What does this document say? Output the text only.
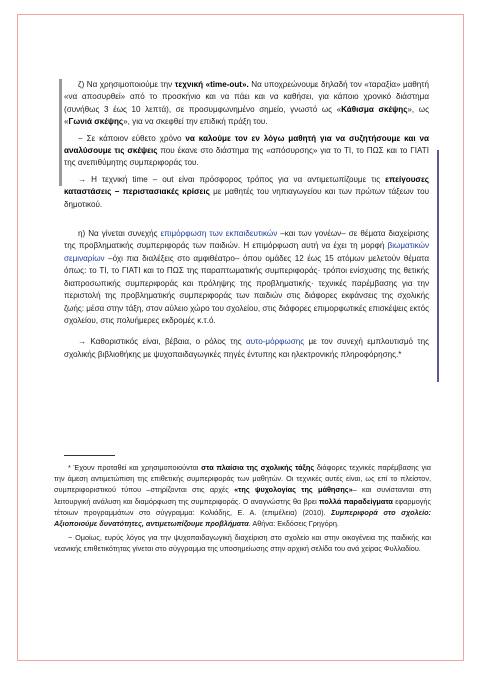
ζ) Να χρησιμοποιούμε την τεχνική «time-out». Να υποχρεώνουμε δηλαδή τον «ταραξία» μαθητή «να αποσυρθεί» από το προσκήνιο και να πάει και να καθήσει, για κάποιο χρονικό διάστημα (συνήθως 3 έως 10 λεπτά), σε προσυμφωνημένο σημείο, γνωστό ως «Κάθισμα σκέψης», ως «Γωνιά σκέψης», για να σκεφθεί την επιδική πράξη του.

− Σε κάποιον εύθετο χρόνο να καλούμε τον εν λόγω μαθητή για να συζητήσουμε και να αναλύσουμε τις σκέψεις που έκανε στο διάστημα της «απόσυρσης» για το ΤΙ, το ΠΩΣ και το ΓΙΑΤΙ της ανεπιθύμητης συμπεριφοράς του.

→ Η τεχνική time – out είναι πρόσφορος τρόπος για να αντιμετωπίζουμε τις επείγουσες καταστάσεις − περιστασιακές κρίσεις με μαθητές του νηπιαγωγείου και των πρώτων τάξεων του δημοτικού.

η) Να γίνεται συνεχής επιμόρφωση των εκπαιδευτικών –και των γονέων– σε θέματα διαχείρισης της προβληματικής συμπεριφοράς των παιδιών. Η επιμόρφωση αυτή να έχει τη μορφή βιωματικών σεμιναρίων –όχι πια διαλέξεις στο αμφιθέατρο– όπου ομάδες 12 έως 15 ατόμων μελετούν θέματα όπως: το ΤΙ, το ΓΙΑΤΙ και το ΠΩΣ της παραπτωματικής συμπεριφοράς· τρόποι ενίσχυσης της θετικής διαπροσωπικής συμπεριφοράς και πρόληψης της προβληματικής· τεχνικές παρέμβασης για την περιστολή της προβληματικής συμπεριφοράς των παιδιών στις διάφορες εκφάνσεις της σχολικής ζωής: μέσα στην τάξη, στον αύλειο χώρο του σχολείου, στις διάφορες επιμορφωτικές επισκέψεις εκτός σχολείου, στις πολυήμερες εκδρομές κ.τ.ό.

→ Καθοριστικός είναι, βέβαια, ο ρόλος της αυτο-μόρφωσης με τον συνεχή εμπλουτισμό της σχολικής βιβλιοθήκης με ψυχοπαιδαγωγικές πηγές έντυπης και ηλεκτρονικής πληροφόρησης.*

* Έχουν προταθεί και χρησιμοποιούνται στα πλαίσια της σχολικής τάξης διάφορες τεχνικές παρέμβασης για την άμεση αντιμετώπιση της επιθετικής συμπεριφοράς των μαθητών. Οι τεχνικές αυτές είναι, ως επί το πλείστον, συμπεριφοριστικού τύπου –στηρίζονται στις αρχές «της ψυχολογίας της μάθησης»– και συνίστανται στη λειτουργική ανάλυση και διαμόρφωση της συμπεριφοράς. Ο αναγνώστης θα βρει πολλά παραδείγματα εφαρμογής τέτοιων προγραμμάτων στο σύγγραμμα: Κολιάδης, Ε. Α. (επιμέλεια) (2010). Συμπεριφορά στο σχολείο: Αξιοποιούμε δυνατότητες, αντιμετωπίζουμε προβλήματα. Αθήνα: Εκδόσεις Γρηγόρη.

− Ομοίως, ευρύς λόγος για την ψυχοπαιδαγωγική διαχείριση στο σχολείο και στην οικογένεια της παιδικής και νεανικής επιθετικότητας γίνεται στο σύγγραμμα της υποσημείωσης στην αρχική σελίδα του ανά χείρας Φυλλαδίου.
